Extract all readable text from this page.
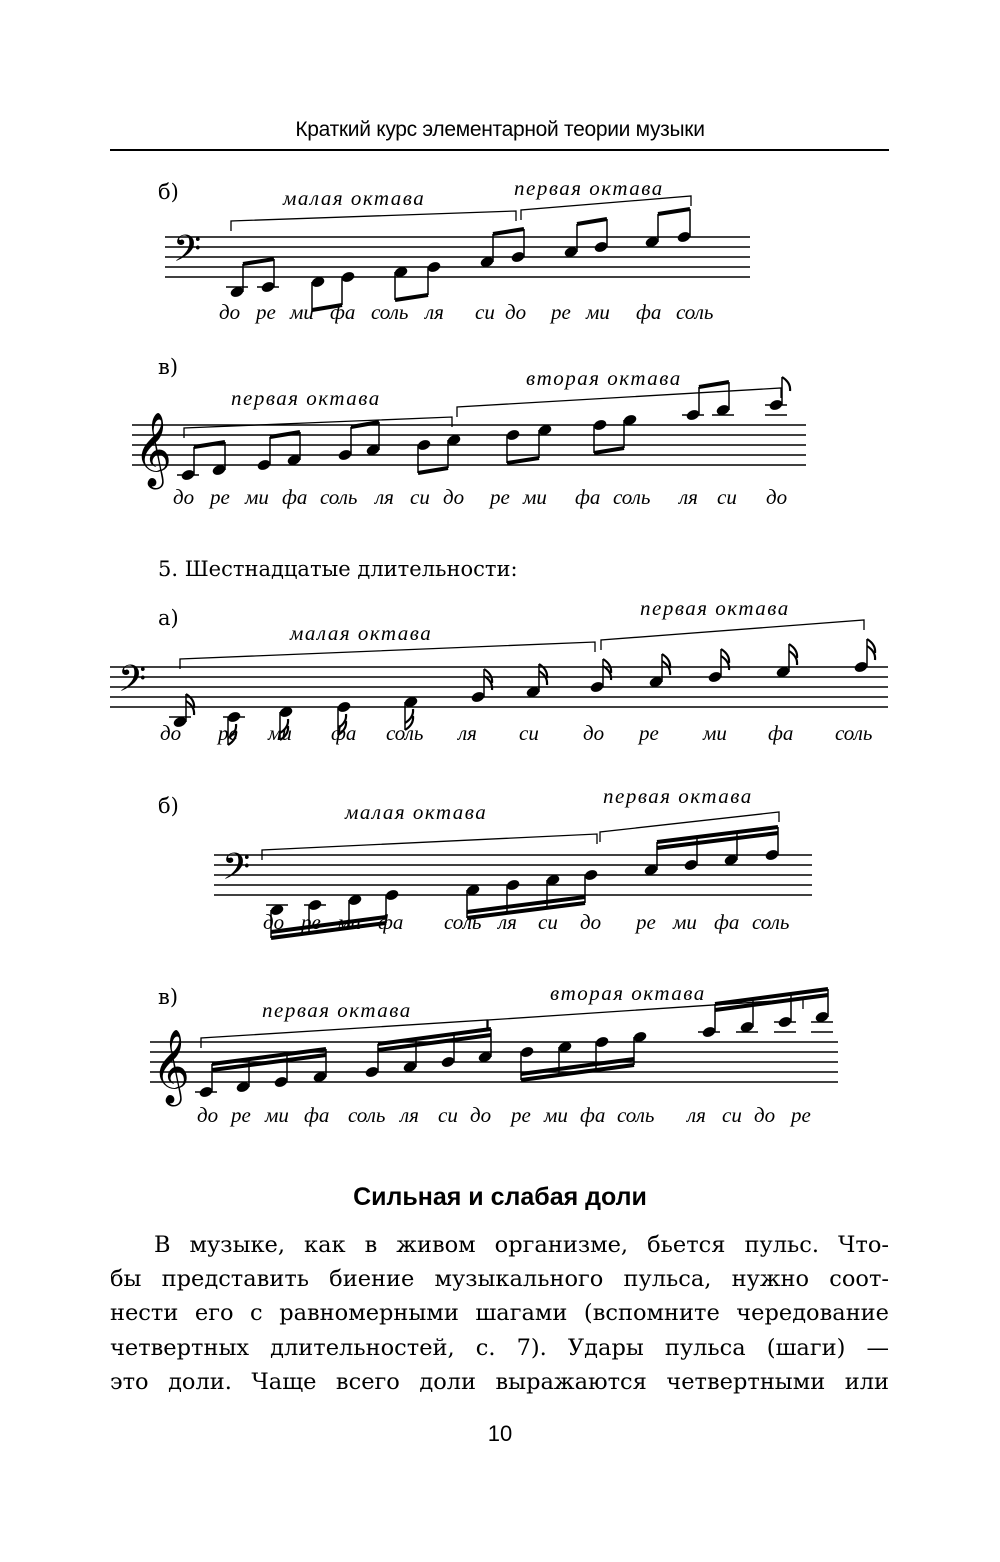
Краткий курс элементарной теории музыки
б)	малая октава	первая октава
𝄢
в)
первая октава
вторая октава
𝄞
5. Шестнадцатые длительности:
а)
малая октава
первая октава
𝄢
б)	малая октава
первая октава
𝄢
в)
первая октава
вторая октава
𝄞
Сильная и слабая доли
В музыке, как в живом организме, бьется пульс. Что-
бы представить биение музыкального пульса, нужно соот-
нести его с равномерными шагами (вспомните чередование
четвертных длительностей, с. 7). Удары пульса (шаги) —
это доли. Чаще всего доли выражаются четвертными или
10
до ре ми фа соль ля си до ре ми фа соль
до ре ми фа соль ля си до ре ми фа соль ля си до
до ре ми фа соль ля си до ре ми фа соль
до ре ми фа соль ля си до ре ми фа соль
до ре ми фа соль ля си до ре ми фа соль ля си до ре
